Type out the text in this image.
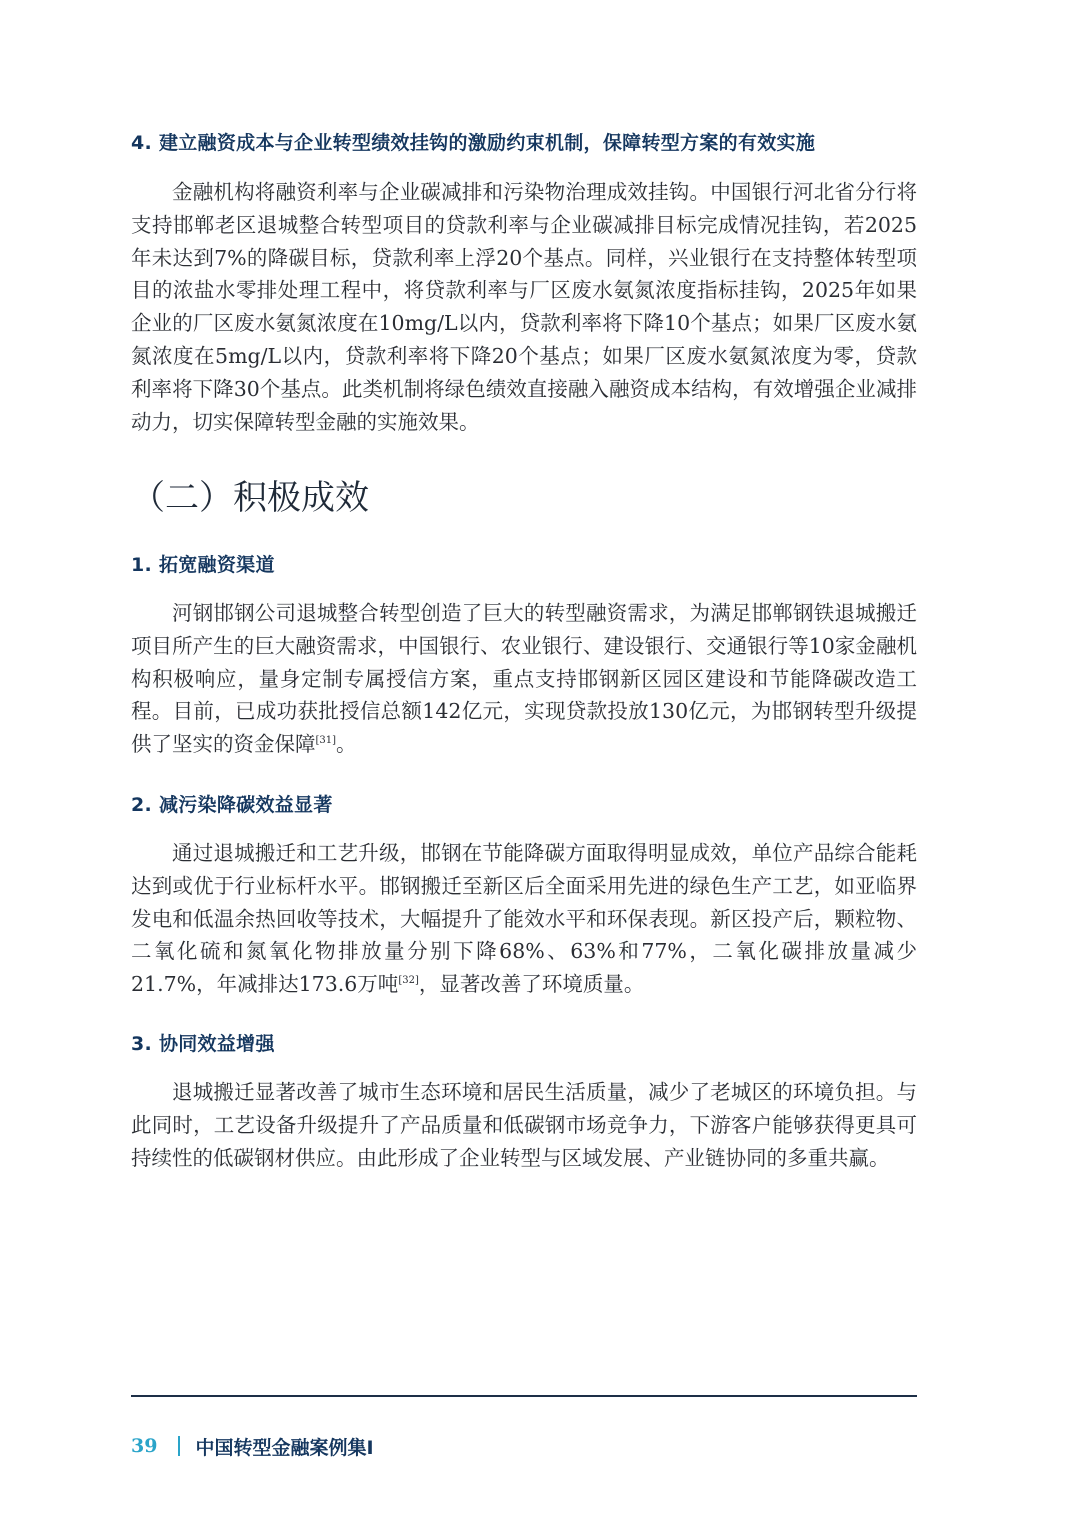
4. 建立融资成本与企业转型绩效挂钩的激励约束机制，保障转型方案的有效实施

金融机构将融资利率与企业碳减排和污染物治理成效挂钩。中国银行河北省分行将支持邯郸老区退城整合转型项目的贷款利率与企业碳减排目标完成情况挂钩，若2025年未达到7%的降碳目标，贷款利率上浮20个基点。同样，兴业银行在支持整体转型项目的浓盐水零排处理工程中，将贷款利率与厂区废水氨氮浓度指标挂钩，2025年如果企业的厂区废水氨氮浓度在10mg/L以内，贷款利率将下降10个基点；如果厂区废水氨氮浓度在5mg/L以内，贷款利率将下降20个基点；如果厂区废水氨氮浓度为零，贷款利率将下降30个基点。此类机制将绿色绩效直接融入融资成本结构，有效增强企业减排动力，切实保障转型金融的实施效果。

（二）积极成效
1. 拓宽融资渠道

河钢邯钢公司退城整合转型创造了巨大的转型融资需求，为满足邯郸钢铁退城搬迁项目所产生的巨大融资需求，中国银行、农业银行、建设银行、交通银行等10家金融机构积极响应，量身定制专属授信方案，重点支持邯钢新区园区建设和节能降碳改造工程。目前，已成功获批授信总额142亿元，实现贷款投放130亿元，为邯钢转型升级提供了坚实的资金保障[31]。

2. 减污染降碳效益显著

通过退城搬迁和工艺升级，邯钢在节能降碳方面取得明显成效，单位产品综合能耗达到或优于行业标杆水平。邯钢搬迁至新区后全面采用先进的绿色生产工艺，如亚临界发电和低温余热回收等技术，大幅提升了能效水平和环保表现。新区投产后，颗粒物、二氧化硫和氮氧化物排放量分别下降68%、63%和77%，二氧化碳排放量减少21.7%，年减排达173.6万吨[32]，显著改善了环境质量。

3. 协同效益增强

退城搬迁显著改善了城市生态环境和居民生活质量，减少了老城区的环境负担。与此同时，工艺设备升级提升了产品质量和低碳钢市场竞争力，下游客户能够获得更具可持续性的低碳钢材供应。由此形成了企业转型与区域发展、产业链协同的多重共赢。

39 中国转型金融案例集I
